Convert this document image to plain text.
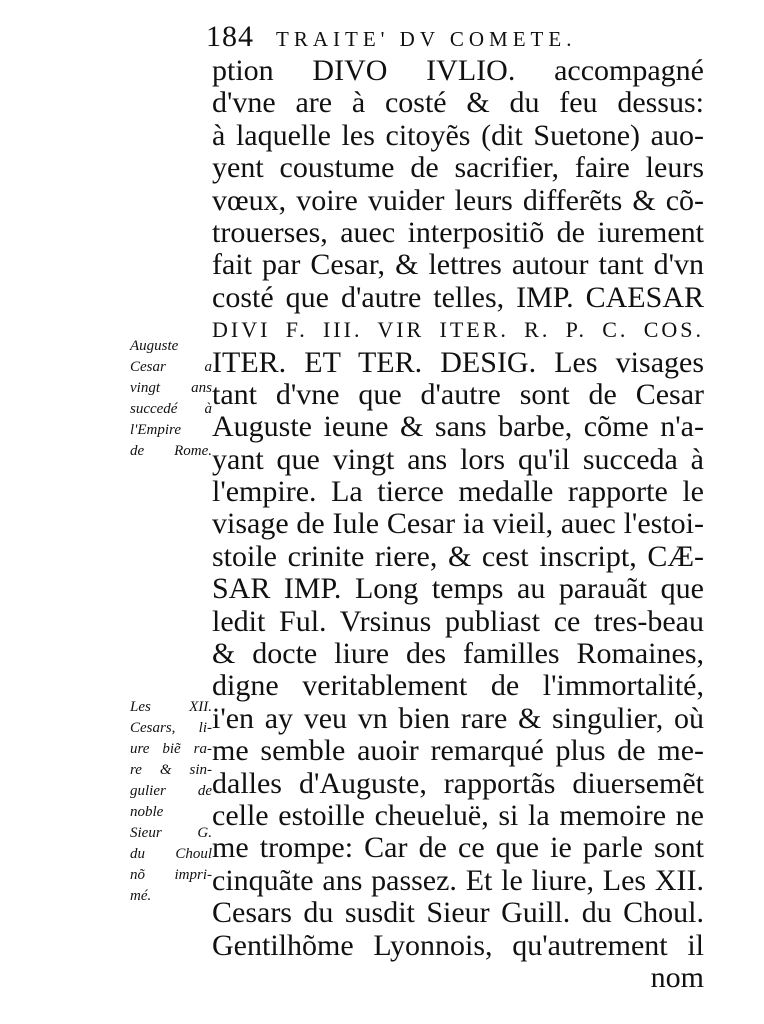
184 TRAITE' DV COMETE.
ption DIVO IVLIO. accompagné
d'vne are à costé & du feu dessus:
à laquelle les citoyẽs (dit Suetone) auo-
yent coustume de sacrifier, faire leurs
vœux, voire vuider leurs differẽts & cõ-
trouerses, auec interpositiõ de iurement
fait par Cesar, & lettres autour tant d'vn
costé que d'autre telles, IMP. CAESAR
DIVI F. III. VIR ITER. R. P. C. COS.
ITER. ET TER. DESIG. Les visages
tant d'vne que d'autre sont de Cesar
Auguste ieune & sans barbe, cõme n'a-
yant que vingt ans lors qu'il succeda à
l'empire. La tierce medalle rapporte le
visage de Iule Cesar ia vieil, auec l'estoi-
stoile crinite riere, & cest inscript, CÆ-
SAR IMP. Long temps au parauãt que
ledit Ful. Vrsinus publiast ce tres-beau
& docte liure des familles Romaines,
digne veritablement de l'immortalité,
i'en ay veu vn bien rare & singulier, où
me semble auoir remarqué plus de me-
dalles d'Auguste, rapportãs diuersemẽt
celle estoille cheueluë, si la memoire ne
me trompe: Car de ce que ie parle sont
cinquãte ans passez. Et le liure, Les XII.
Cesars du susdit Sieur Guill. du Choul.
Gentilhõme Lyonnois, qu'autrement il
nom
Auguste
Cesar a
vingt ans
succedé à
l'Empire
de Rome.
Les XII.
Cesars, li-
ure biẽ ra-
re & sin-
gulier de
noble
Sieur G.
du Choul
nõ impri-
mé.
